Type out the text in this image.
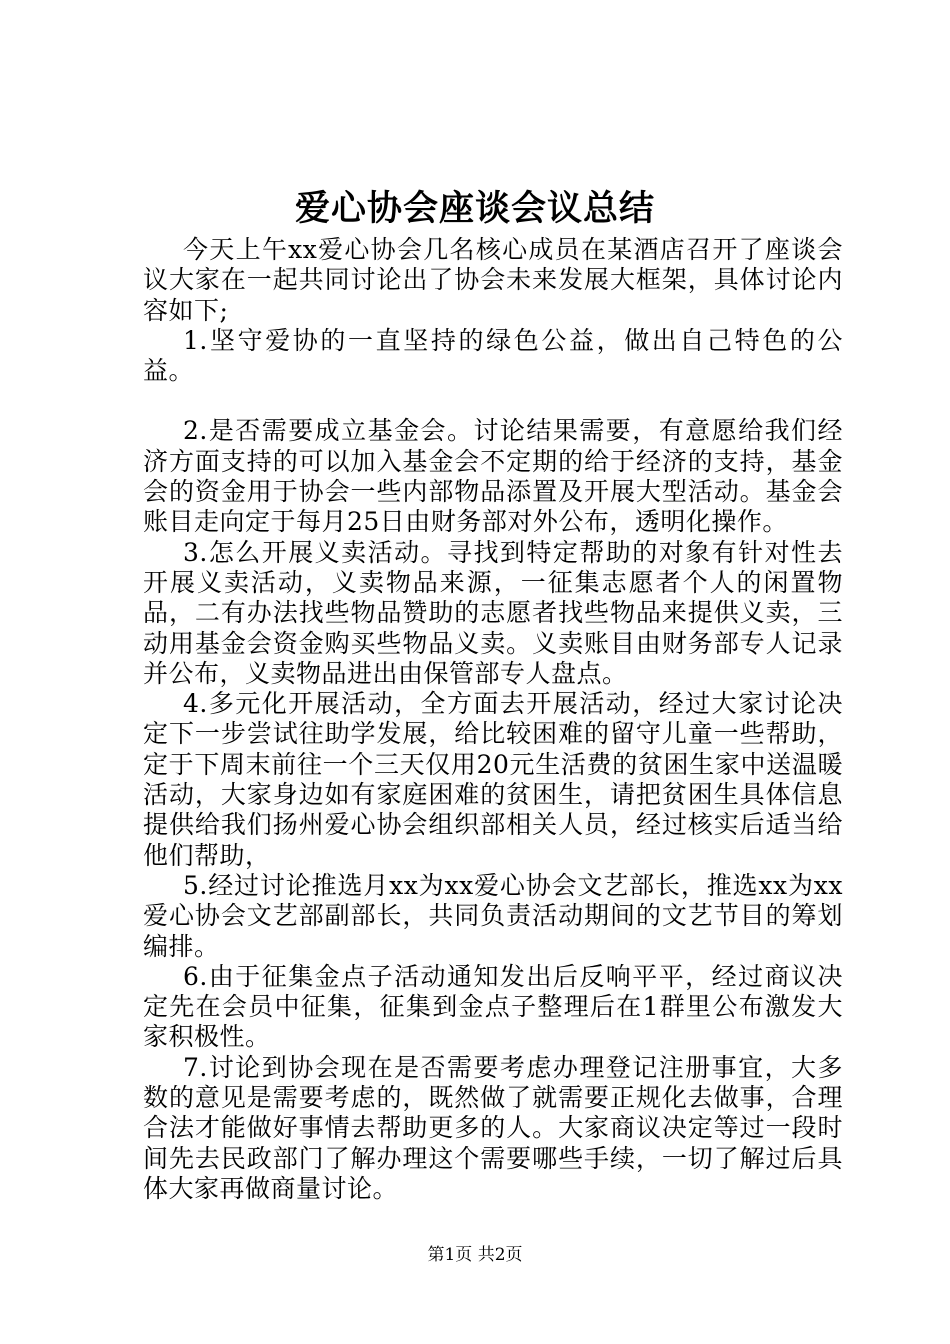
爱心协会座谈会议总结

今天上午xx爱心协会几名核心成员在某酒店召开了座谈会议大家在一起共同讨论出了协会未来发展大框架，具体讨论内容如下;

1.坚守爱协的一直坚持的绿色公益，做出自己特色的公益。

2.是否需要成立基金会。讨论结果需要，有意愿给我们经济方面支持的可以加入基金会不定期的给于经济的支持，基金会的资金用于协会一些内部物品添置及开展大型活动。基金会账目走向定于每月25日由财务部对外公布，透明化操作。

3.怎么开展义卖活动。寻找到特定帮助的对象有针对性去开展义卖活动，义卖物品来源，一征集志愿者个人的闲置物品，二有办法找些物品赞助的志愿者找些物品来提供义卖，三动用基金会资金购买些物品义卖。义卖账目由财务部专人记录并公布，义卖物品进出由保管部专人盘点。

4.多元化开展活动，全方面去开展活动，经过大家讨论决定下一步尝试往助学发展，给比较困难的留守儿童一些帮助，定于下周末前往一个三天仅用20元生活费的贫困生家中送温暖活动，大家身边如有家庭困难的贫困生，请把贫困生具体信息提供给我们扬州爱心协会组织部相关人员，经过核实后适当给他们帮助，

5.经过讨论推选月xx为xx爱心协会文艺部长，推选xx为xx爱心协会文艺部副部长，共同负责活动期间的文艺节目的筹划编排。

6.由于征集金点子活动通知发出后反响平平，经过商议决定先在会员中征集，征集到金点子整理后在1群里公布激发大家积极性。

7.讨论到协会现在是否需要考虑办理登记注册事宜，大多数的意见是需要考虑的，既然做了就需要正规化去做事，合理合法才能做好事情去帮助更多的人。大家商议决定等过一段时间先去民政部门了解办理这个需要哪些手续，一切了解过后具体大家再做商量讨论。

第1页 共2页
